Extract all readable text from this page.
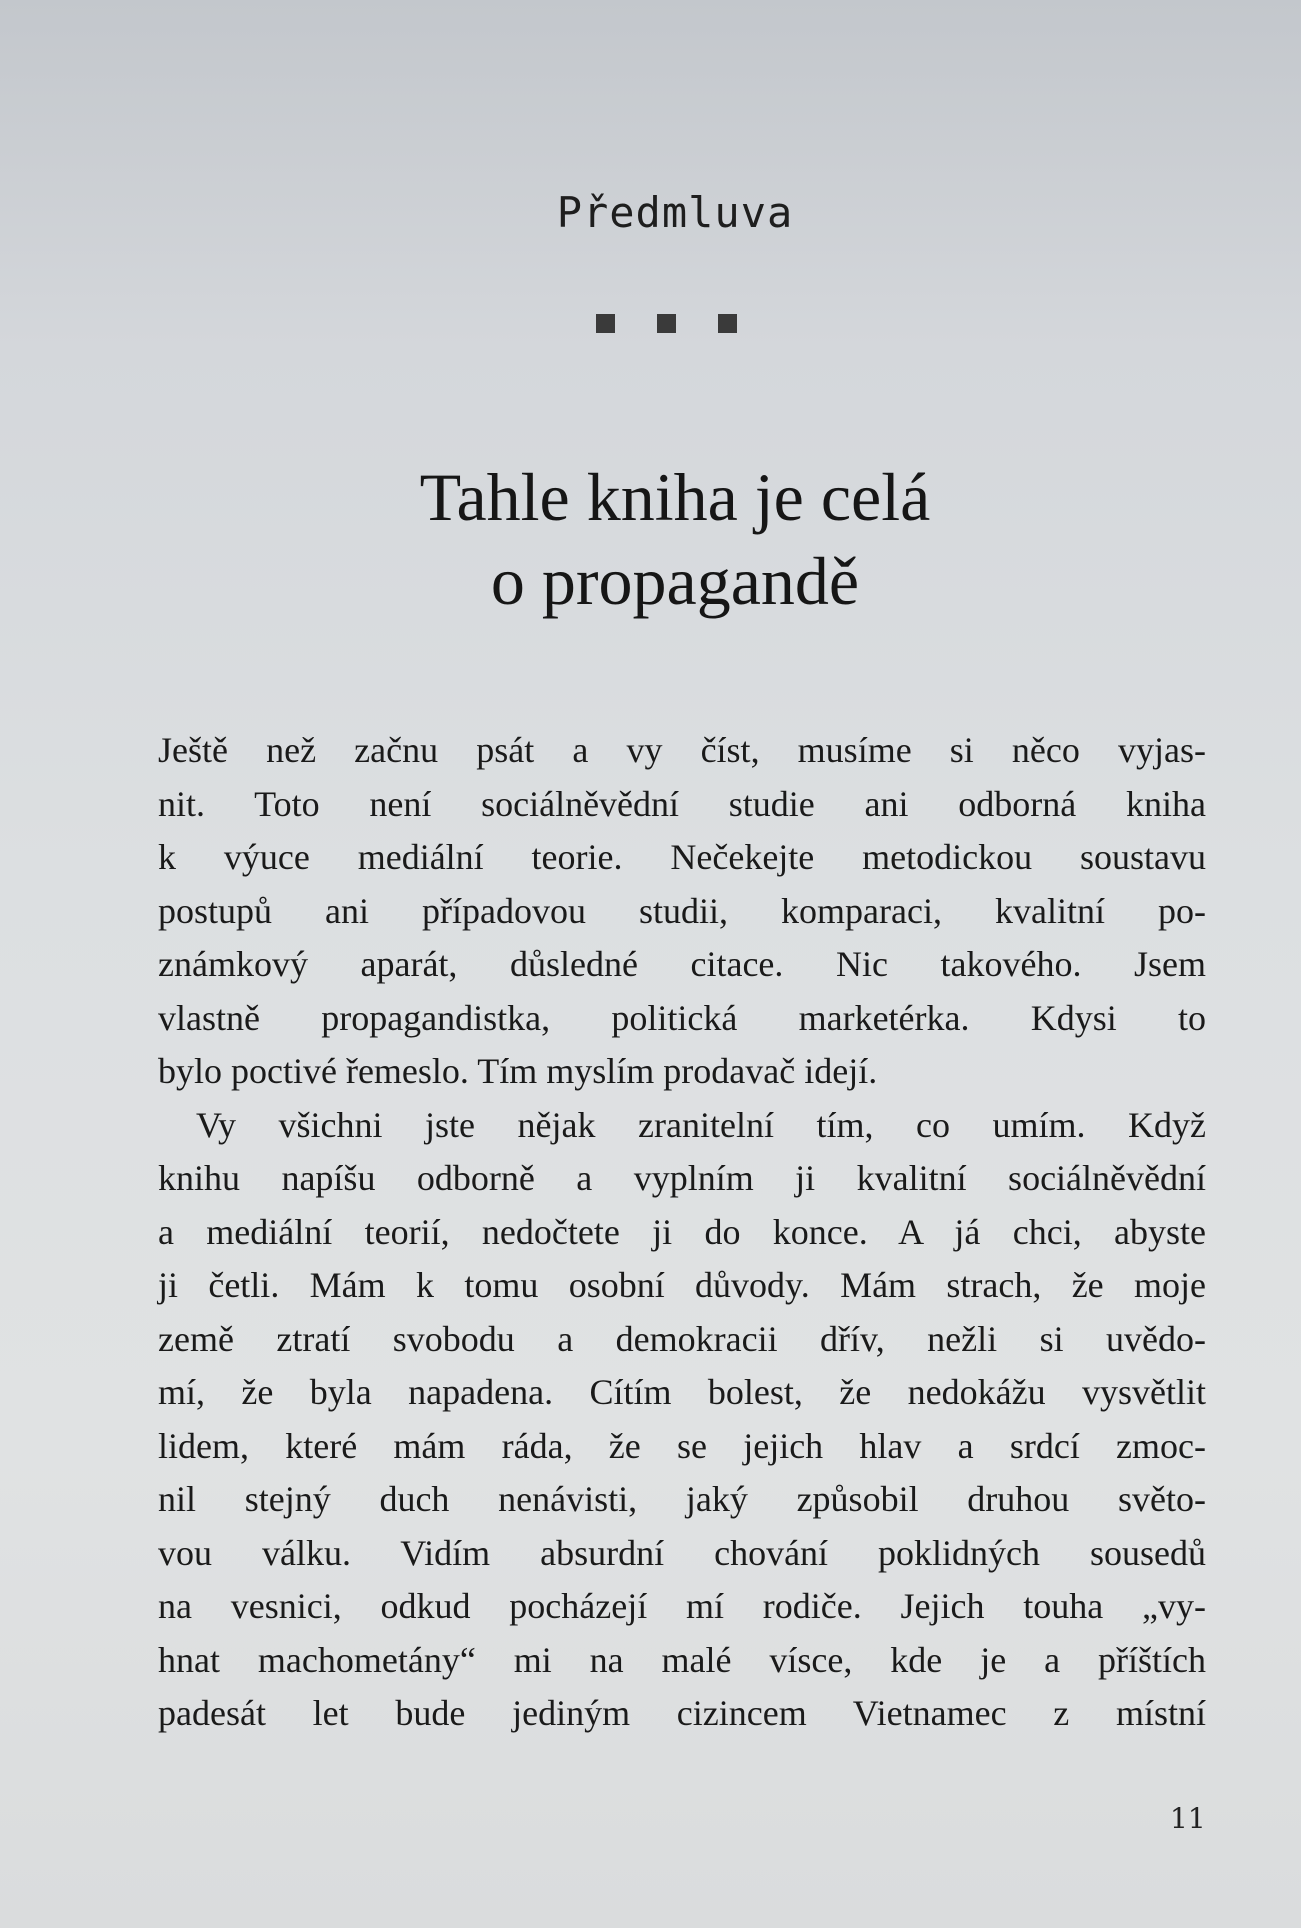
Předmluva
Tahle kniha je celá
o propagandě
Ještě než začnu psát a vy číst, musíme si něco vyjas-
nit. Toto není sociálněvědní studie ani odborná kniha
k výuce mediální teorie. Nečekejte metodickou soustavu
postupů ani případovou studii, komparaci, kvalitní po-
známkový aparát, důsledné citace. Nic takového. Jsem
vlastně propagandistka, politická marketérka. Kdysi to
bylo poctivé řemeslo. Tím myslím prodavač idejí.
Vy všichni jste nějak zranitelní tím, co umím. Když
knihu napíšu odborně a vyplním ji kvalitní sociálněvědní
a mediální teorií, nedočtete ji do konce. A já chci, abyste
ji četli. Mám k tomu osobní důvody. Mám strach, že moje
země ztratí svobodu a demokracii dřív, nežli si uvědo-
mí, že byla napadena. Cítím bolest, že nedokážu vysvětlit
lidem, které mám ráda, že se jejich hlav a srdcí zmoc-
nil stejný duch nenávisti, jaký způsobil druhou světo-
vou válku. Vidím absurdní chování poklidných sousedů
na vesnici, odkud pocházejí mí rodiče. Jejich touha „vy-
hnat machometány“ mi na malé vísce, kde je a příštích
padesát let bude jediným cizincem Vietnamec z místní
11
